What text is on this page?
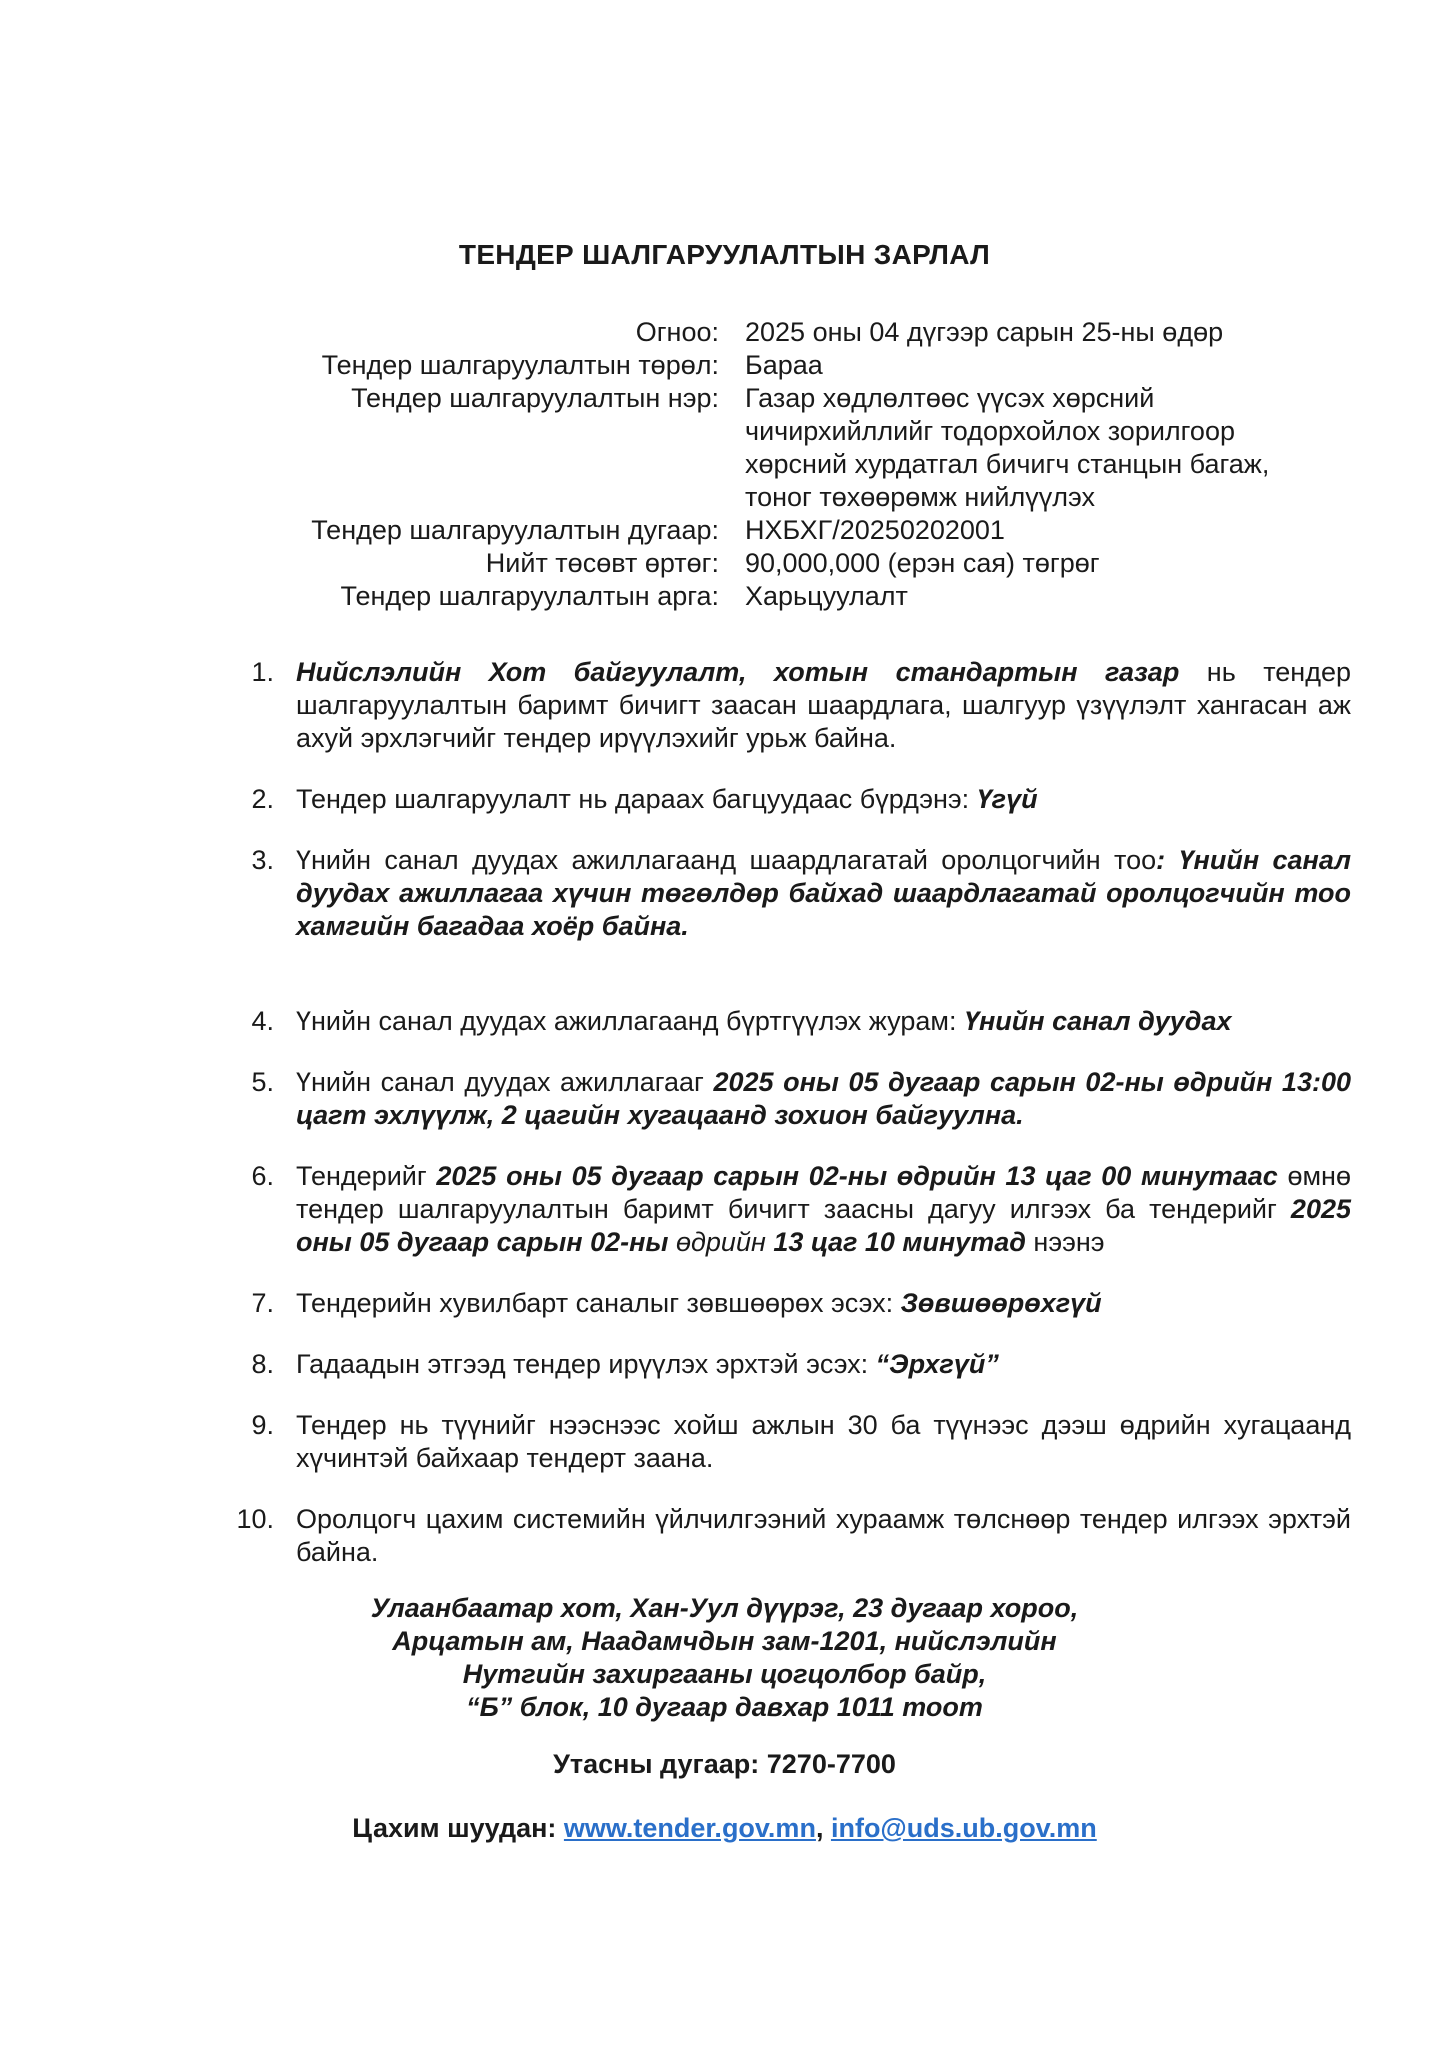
ТЕНДЕР ШАЛГАРУУЛАЛТЫН ЗАРЛАЛ
Огноо: 2025 оны 04 дүгээр сарын 25-ны өдөр
Тендер шалгаруулалтын төрөл: Бараа
Тендер шалгаруулалтын нэр: Газар хөдлөлтөөс үүсэх хөрсний
чичирхийллийг тодорхойлох зорилгоор
хөрсний хурдатгал бичигч станцын багаж,
тоног төхөөрөмж нийлүүлэх
Тендер шалгаруулалтын дугаар: НХБХГ/20250202001
Нийт төсөвт өртөг: 90,000,000 (ерэн сая) төгрөг
Тендер шалгаруулалтын арга: Харьцуулалт
1. Нийслэлийн Хот байгуулалт, хотын стандартын газар нь тендер шалгаруулалтын баримт бичигт заасан шаардлага, шалгуур үзүүлэлт хангасан аж ахуй эрхлэгчийг тендер ирүүлэхийг урьж байна.
2. Тендер шалгаруулалт нь дараах багцуудаас бүрдэнэ: Үгүй
3. Үнийн санал дуудах ажиллагаанд шаардлагатай оролцогчийн тоо: Үнийн санал дуудах ажиллагаа хүчин төгөлдөр байхад шаардлагатай оролцогчийн тоо хамгийн багадаа хоёр байна.
4. Үнийн санал дуудах ажиллагаанд бүртгүүлэх журам: Үнийн санал дуудах
5. Үнийн санал дуудах ажиллагааг 2025 оны 05 дугаар сарын 02-ны өдрийн 13:00 цагт эхлүүлж, 2 цагийн хугацаанд зохион байгуулна.
6. Тендерийг 2025 оны 05 дугаар сарын 02-ны өдрийн 13 цаг 00 минутаас өмнө тендер шалгаруулалтын баримт бичигт заасны дагуу илгээх ба тендерийг 2025 оны 05 дугаар сарын 02-ны өдрийн 13 цаг 10 минутад нээнэ
7. Тендерийн хувилбарт саналыг зөвшөөрөх эсэх: Зөвшөөрөхгүй
8. Гадаадын этгээд тендер ирүүлэх эрхтэй эсэх: “Эрхгүй”
9. Тендер нь түүнийг нээснээс хойш ажлын 30 ба түүнээс дээш өдрийн хугацаанд хүчинтэй байхаар тендерт заана.
10. Оролцогч цахим системийн үйлчилгээний хураамж төлснөөр тендер илгээх эрхтэй байна.
Улаанбаатар хот, Хан-Уул дүүрэг, 23 дугаар хороо,
Арцатын ам, Наадамчдын зам-1201, нийслэлийн
Нутгийн захиргааны цогцолбор байр,
“Б” блок, 10 дугаар давхар 1011 тоот
Утасны дугаар: 7270-7700
Цахим шуудан: www.tender.gov.mn, info@uds.ub.gov.mn
